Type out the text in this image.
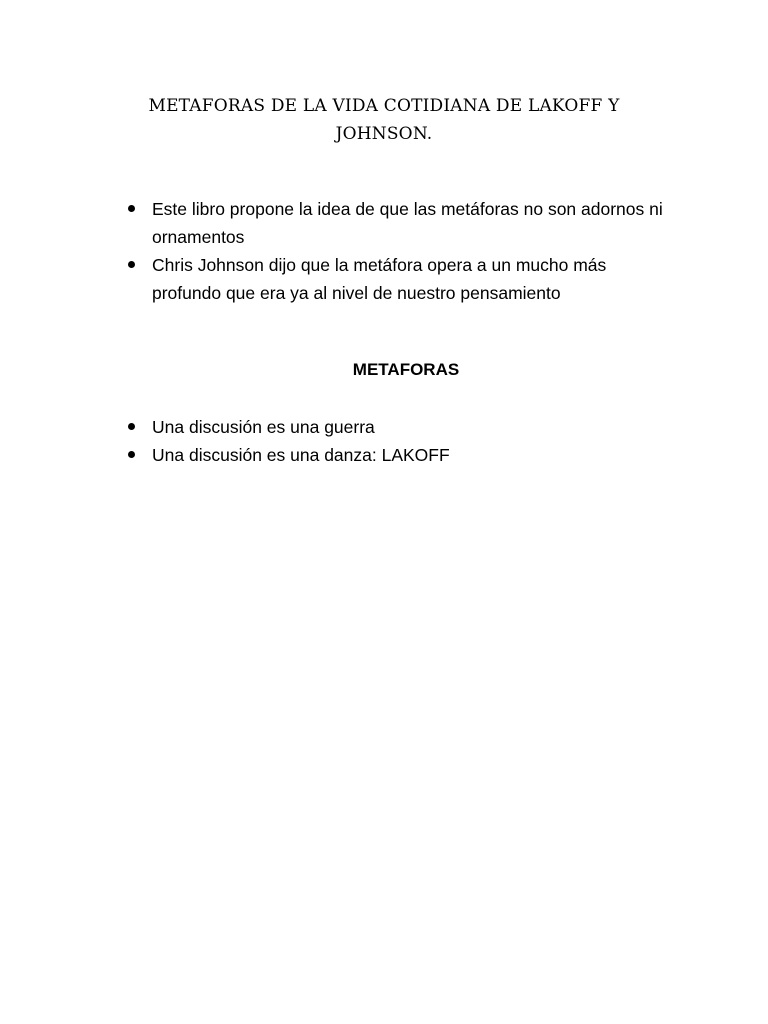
METAFORAS DE LA VIDA COTIDIANA DE LAKOFF Y
JOHNSON.
Este libro propone la idea de que las metáforas no son adornos ni ornamentos
Chris Johnson dijo que la metáfora opera a un mucho más profundo que era ya al nivel de nuestro pensamiento
METAFORAS
Una discusión es una guerra
Una discusión es una danza: LAKOFF
